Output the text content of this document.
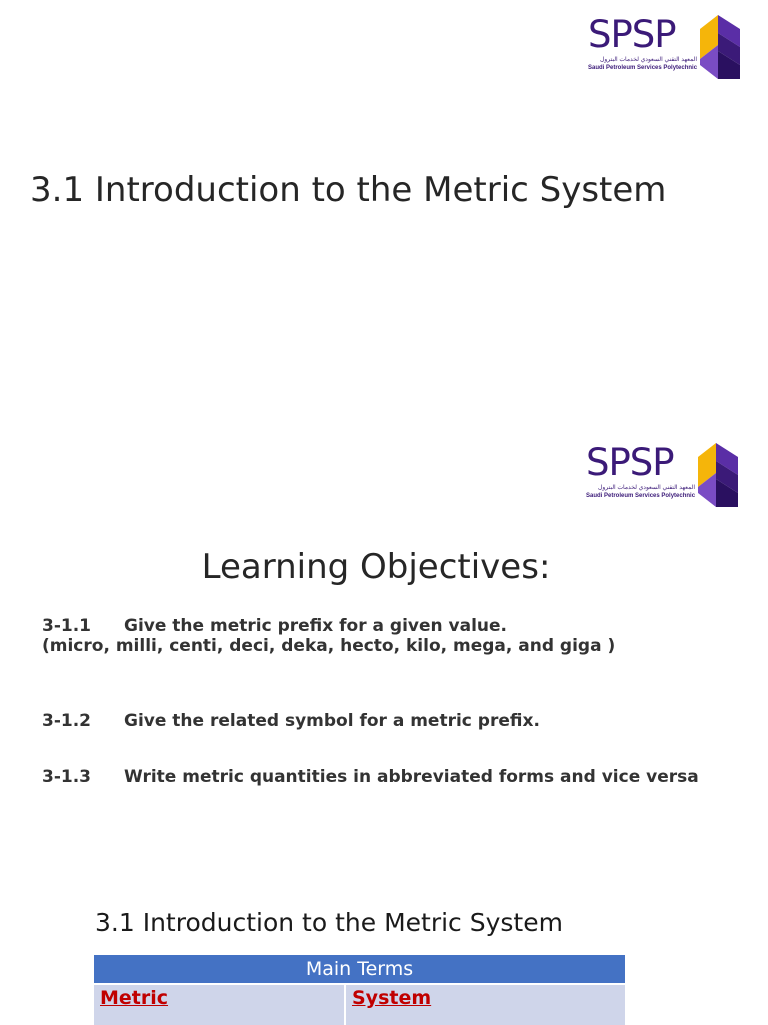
SPSP
المعهد التقني السعودي لخدمات البترول
Saudi Petroleum Services Polytechnic
3.1 Introduction to the Metric System
SPSP
المعهد التقني السعودي لخدمات البترول
Saudi Petroleum Services Polytechnic
Learning Objectives:
3-1.1 Give the metric prefix for a given value.
(micro, milli, centi, deci, deka, hecto, kilo, mega, and giga )
3-1.2 Give the related symbol for a metric prefix.
3-1.3 Write metric quantities in abbreviated forms and vice versa
3.1 Introduction to the Metric System
Main Terms
Metric	System
